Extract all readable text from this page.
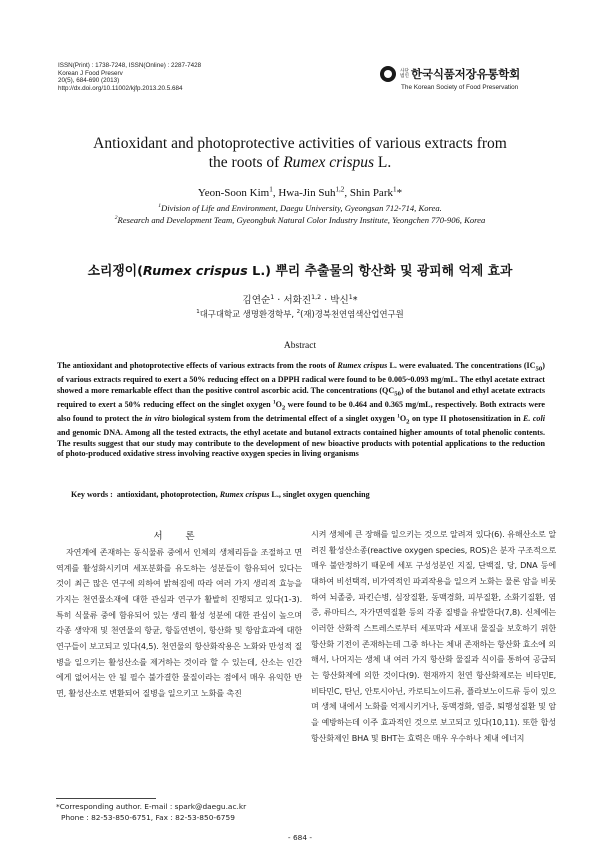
ISSN(Print) : 1738-7248, ISSN(Online) : 2287-7428
Korean J Food Preserv
20(5), 684-690 (2013)
http://dx.doi.org/10.11002/kjfp.2013.20.5.684
사단 법인 한국식품저장유통학회
The Korean Society of Food Preservation
Antioxidant and photoprotective activities of various extracts from
the roots of Rumex crispus L.
Yeon-Soon Kim$^1$, Hwa-Jin Suh$^{1,2}$, Shin Park$^1$*
$^1$Division of Life and Environment, Daegu University, Gyeongsan 712-714, Korea.
$^2$Research and Development Team, Gyeongbuk Natural Color Industry Institute, Yeongchen 770-906, Korea
소리쟁이(Rumex crispus L.) 뿌리 추출물의 항산화 및 광피해 억제 효과
김연순$^1$ · 서화진$^{1,2}$ · 박신$^1$*
$^1$대구대학교 생명환경학부, $^2$(재)경북천연염색산업연구원
Abstract
The antioxidant and photoprotective effects of various extracts from the roots of Rumex crispus L. were evaluated. The concentrations $(IC_{50})$ of various extracts required to exert a 50% reducing effect on a DPPH radical were found to be 0.005~0.093 mg/mL. The ethyl acetate extract showed a more remarkable effect than the positive control ascorbic acid. The concentrations $(QC_{50})$ of the butanol and ethyl acetate extracts required to exert a 50% reducing effect on the singlet oxygen $^1O_2$ were found to be 0.464 and 0.365 mg/mL, respectively. Both extracts were also found to protect the in vitro biological system from the detrimental effect of a singlet oxygen $^1O_2$ on type II photosensitization in E. coli and genomic DNA. Among all the tested extracts, the ethyl acetate and butanol extracts contained higher amounts of total phenolic contents. The results suggest that our study may contribute to the development of new bioactive products with potential applications to the reduction of photo-produced oxidative stress involving reactive oxygen species in living organisms
Key words : antioxidant, photoprotection, Rumex crispus L., singlet oxygen quenching
서 론
자연계에 존재하는 동식물류 중에서 인체의 생체리듬을 조절하고 면역계를 활성화시키며 세포분화를 유도하는 성분들이 함유되어 있다는 것이 최근 많은 연구에 의하여 밝혀짐에 따라 여러 가지 생리적 효능을 가지는 천연물소재에 대한 관심과 연구가 활발히 진행되고 있다(1-3). 특히 식물류 중에 함유되어 있는 생리 활성 성분에 대한 관심이 높으며 각종 생약재 및 천연물의 항균, 항돌연변이, 항산화 및 항암효과에 대한 연구들이 보고되고 있다(4,5). 천연물의 항산화작용은 노화와 만성적 질병을 일으키는 활성산소를 제거하는 것이라 할 수 있는데, 산소는 인간에게 없어서는 안 될 필수 불가결한 물질이라는 점에서 매우 유익한 반면, 활성산소로 변환되어 질병을 일으키고 노화를 촉진
시켜 생체에 큰 장해를 일으키는 것으로 알려져 있다(6). 유해산소로 알려진 활성산소종(reactive oxygen species, ROS)은 분자 구조적으로 매우 불안정하기 때문에 세포 구성성분인 지질, 단백질, 당, DNA 등에 대하여 비선택적, 비가역적인 파괴작용을 일으켜 노화는 물론 암을 비롯하여 뇌졸중, 파킨슨병, 심장질환, 동맥경화, 피부질환, 소화기질환, 염증, 류마티스, 자가면역질환 등의 각종 질병을 유발한다(7,8). 신체에는 이러한 산화적 스트레스로부터 세포막과 세포내 물질을 보호하기 위한 항산화 기전이 존재하는데 그중 하나는 체내 존재하는 항산화 효소에 의해서, 나머지는 생체 내 여러 가지 항산화 물질과 식이를 통하여 공급되는 항산화제에 의한 것이다(9). 현재까지 천연 항산화제로는 비타민E, 비타민C, 탄닌, 안토시아닌, 카로티노이드류, 플라보노이드류 등이 있으며 생체 내에서 노화를 억제시키거나, 동맥경화, 염증, 퇴행성질환 및 암을 예방하는데 이주 효과적인 것으로 보고되고 있다(10,11). 또한 합성 항산화제인 BHA 및 BHT는 효력은 매우 우수하나 체내 에너지
*Corresponding author. E-mail : spark@daegu.ac.kr
Phone : 82-53-850-6751, Fax : 82-53-850-6759
- 684 -
